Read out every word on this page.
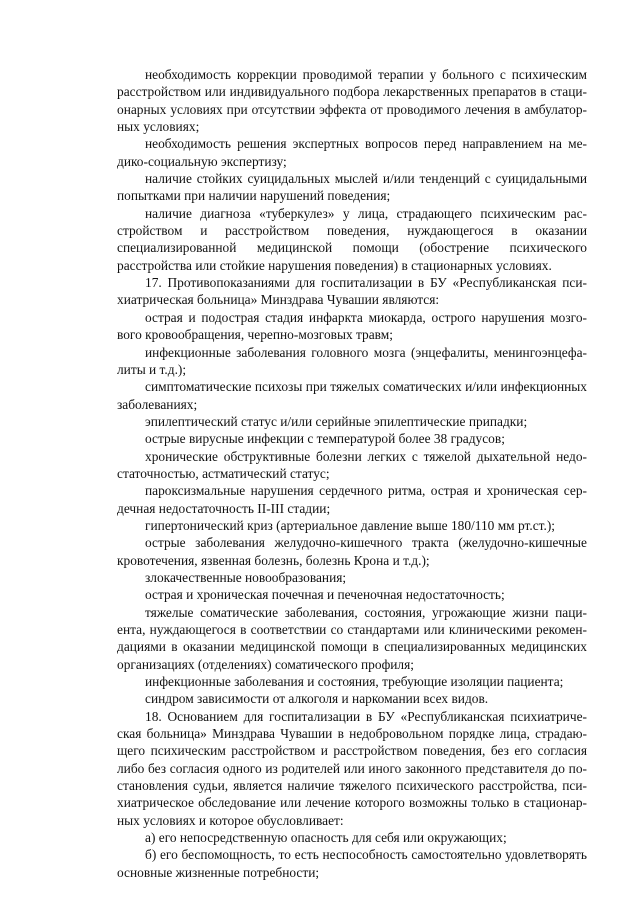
необходимость коррекции проводимой терапии у больного с психическим расстройством или индивидуального подбора лекарственных препаратов в стационарных условиях при отсутствии эффекта от проводимого лечения в амбулаторных условиях;

необходимость решения экспертных вопросов перед направлением на медико-социальную экспертизу;

наличие стойких суицидальных мыслей и/или тенденций с суицидальными попытками при наличии нарушений поведения;

наличие диагноза «туберкулез» у лица, страдающего психическим расстройством и расстройством поведения, нуждающегося в оказании специализированной медицинской помощи (обострение психического расстройства или стойкие нарушения поведения) в стационарных условиях.

17. Противопоказаниями для госпитализации в БУ «Республиканская психиатрическая больница» Минздрава Чувашии являются:

острая и подострая стадия инфаркта миокарда, острого нарушения мозгового кровообращения, черепно-мозговых травм;

инфекционные заболевания головного мозга (энцефалиты, менингоэнцефалиты и т.д.);

симптоматические психозы при тяжелых соматических и/или инфекционных заболеваниях;

эпилептический статус и/или серийные эпилептические припадки;

острые вирусные инфекции с температурой более 38 градусов;

хронические обструктивные болезни легких с тяжелой дыхательной недостаточностью, астматический статус;

пароксизмальные нарушения сердечного ритма, острая и хроническая сердечная недостаточность II-III стадии;

гипертонический криз (артериальное давление выше 180/110 мм рт.ст.);

острые заболевания желудочно-кишечного тракта (желудочно-кишечные кровотечения, язвенная болезнь, болезнь Крона и т.д.);

злокачественные новообразования;

острая и хроническая почечная и печеночная недостаточность;

тяжелые соматические заболевания, состояния, угрожающие жизни пациента, нуждающегося в соответствии со стандартами или клиническими рекомендациями в оказании медицинской помощи в специализированных медицинских организациях (отделениях) соматического профиля;

инфекционные заболевания и состояния, требующие изоляции пациента;

синдром зависимости от алкоголя и наркомании всех видов.

18. Основанием для госпитализации в БУ «Республиканская психиатрическая больница» Минздрава Чувашии в недобровольном порядке лица, страдающего психическим расстройством и расстройством поведения, без его согласия либо без согласия одного из родителей или иного законного представителя до постановления судьи, является наличие тяжелого психического расстройства, психиатрическое обследование или лечение которого возможны только в стационарных условиях и которое обусловливает:

а) его непосредственную опасность для себя или окружающих;

б) его беспомощность, то есть неспособность самостоятельно удовлетворять основные жизненные потребности;
